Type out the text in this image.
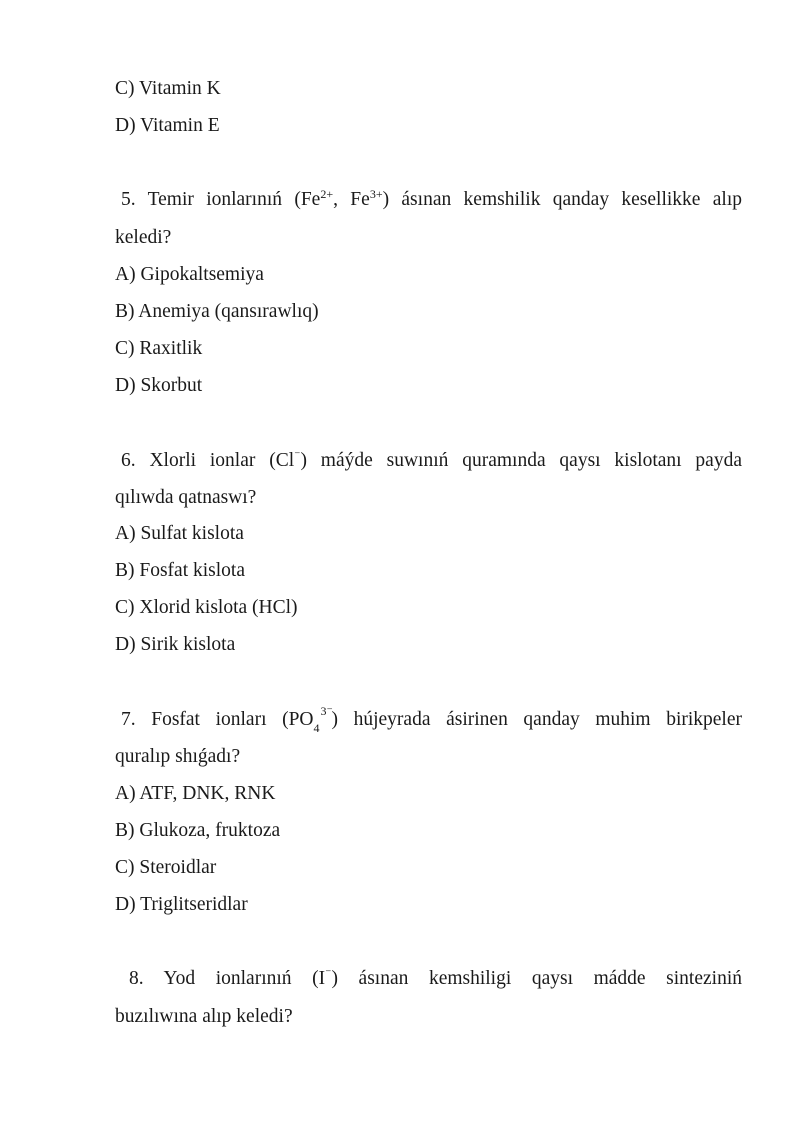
C) Vitamin K
D) Vitamin E
5. Temir ionlarınıń ($Fe^{2+}$, $Fe^{3+}$) ásınan kemshilik qanday kesellikke alıp
keledi?
A) Gipokaltsemiya
B) Anemiya (qansırawlıq)
C) Raxitlik
D) Skorbut
6. Xlorli ionlar (Cl⁻) máýde suwınıń quramında qaysı kislotanı payda
qılıwda qatnaswı?
A) Sulfat kislota
B) Fosfat kislota
C) Xlorid kislota (HCl)
D) Sirik kislota
7. Fosfat ionları (PO 4
3⁻
) hújeyrada ásirinen qanday muhim birikpeler
quralıp shıǵadı?
A) ATF, DNK, RNK
B) Glukoza, fruktoza
C) Steroidlar
D) Triglitseridlar
8. Yod ionlarınıń (I⁻) ásınan kemshiligi qaysı mádde sinteziniń
buzılıwına alıp keledi?
